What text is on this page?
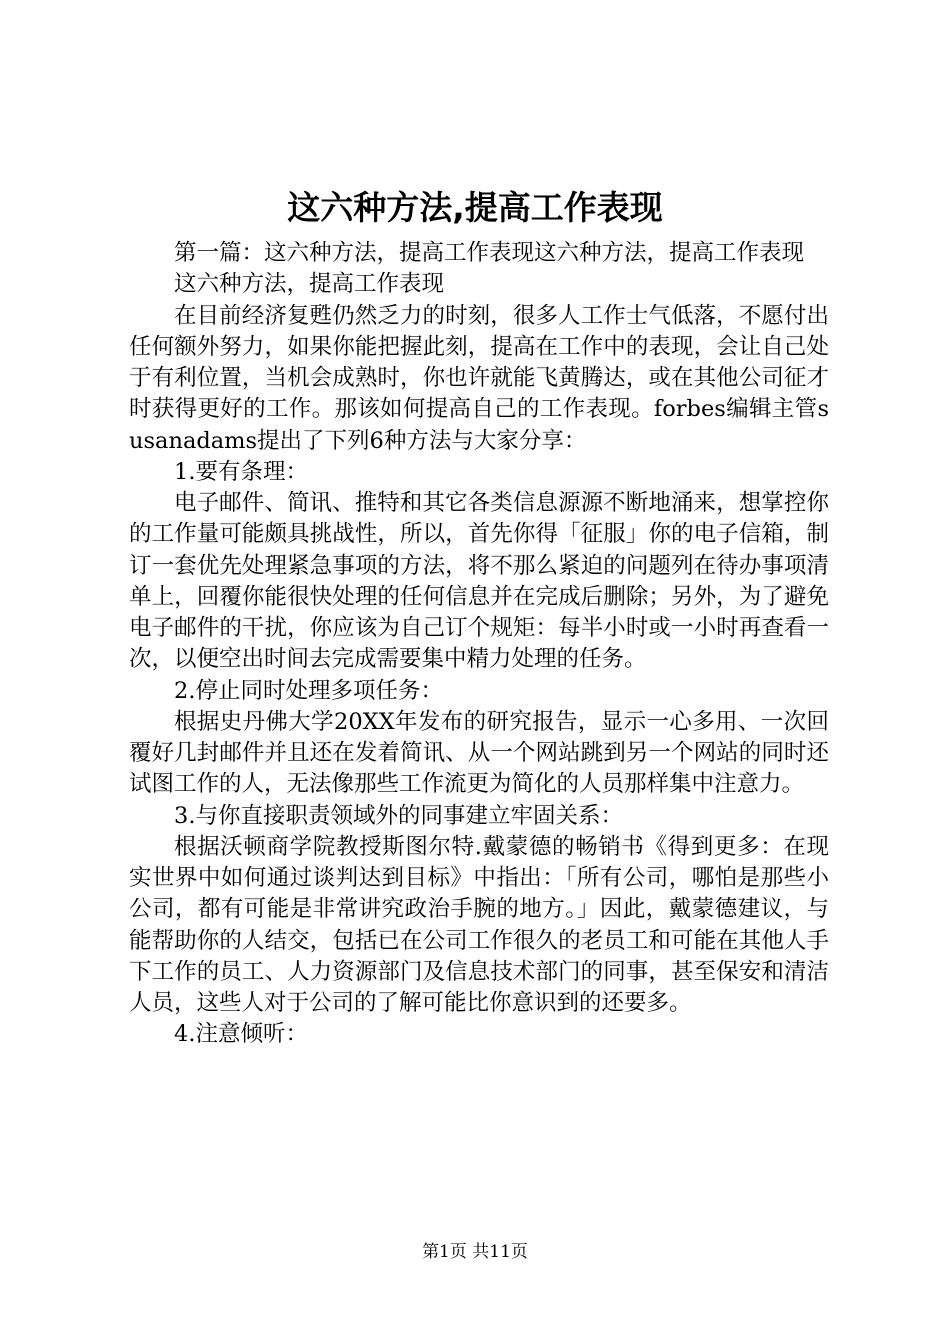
这六种方法,提高工作表现

第一篇：这六种方法，提高工作表现这六种方法，提高工作表现

这六种方法，提高工作表现

在目前经济复甦仍然乏力的时刻，很多人工作士气低落，不愿付出任何额外努力，如果你能把握此刻，提高在工作中的表现，会让自己处于有利位置，当机会成熟时，你也许就能飞黄腾达，或在其他公司征才时获得更好的工作。那该如何提高自己的工作表现。forbes编辑主管susanadams提出了下列6种方法与大家分享：

1.要有条理：

电子邮件、简讯、推特和其它各类信息源源不断地涌来，想掌控你的工作量可能颇具挑战性，所以，首先你得「征服」你的电子信箱，制订一套优先处理紧急事项的方法，将不那么紧迫的问题列在待办事项清单上，回覆你能很快处理的任何信息并在完成后删除；另外，为了避免电子邮件的干扰，你应该为自己订个规矩：每半小时或一小时再查看一次，以便空出时间去完成需要集中精力处理的任务。

2.停止同时处理多项任务：

根据史丹佛大学20XX年发布的研究报告，显示一心多用、一次回覆好几封邮件并且还在发着简讯、从一个网站跳到另一个网站的同时还试图工作的人，无法像那些工作流更为简化的人员那样集中注意力。

3.与你直接职责领域外的同事建立牢固关系：

根据沃顿商学院教授斯图尔特.戴蒙德的畅销书《得到更多：在现实世界中如何通过谈判达到目标》中指出：「所有公司，哪怕是那些小公司，都有可能是非常讲究政治手腕的地方。」因此，戴蒙德建议，与能帮助你的人结交，包括已在公司工作很久的老员工和可能在其他人手下工作的员工、人力资源部门及信息技术部门的同事，甚至保安和清洁人员，这些人对于公司的了解可能比你意识到的还要多。

4.注意倾听：

第1页 共11页
